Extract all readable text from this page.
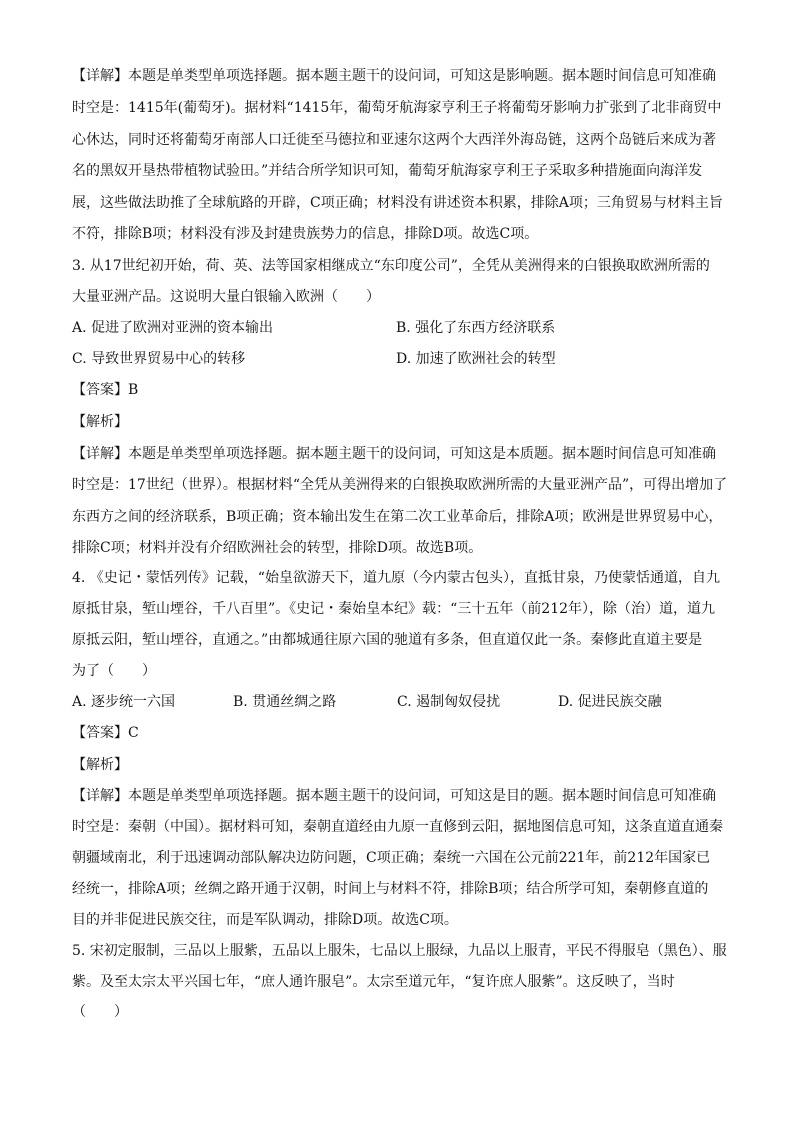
【详解】本题是单类型单项选择题。据本题主题干的设问词，可知这是影响题。据本题时间信息可知准确
时空是：1415年(葡萄牙)。据材料“1415年，葡萄牙航海家亨利王子将葡萄牙影响力扩张到了北非商贸中
心休达，同时还将葡萄牙南部人口迁徙至马德拉和亚速尔这两个大西洋外海岛链，这两个岛链后来成为著
名的黑奴开垦热带植物试验田。”并结合所学知识可知，葡萄牙航海家亨利王子采取多种措施面向海洋发
展，这些做法助推了全球航路的开辟，C项正确；材料没有讲述资本积累，排除A项；三角贸易与材料主旨
不符，排除B项；材料没有涉及封建贵族势力的信息，排除D项。故选C项。
3. 从17世纪初开始，荷、英、法等国家相继成立“东印度公司”，全凭从美洲得来的白银换取欧洲所需的
大量亚洲产品。这说明大量白银输入欧洲（　　）
A. 促进了欧洲对亚洲的资本输出	B. 强化了东西方经济联系
C. 导致世界贸易中心的转移	D. 加速了欧洲社会的转型
【答案】B
【解析】
【详解】本题是单类型单项选择题。据本题主题干的设问词，可知这是本质题。据本题时间信息可知准确
时空是：17世纪（世界）。根据材料“全凭从美洲得来的白银换取欧洲所需的大量亚洲产品”，可得出增加了
东西方之间的经济联系，B项正确；资本输出发生在第二次工业革命后，排除A项；欧洲是世界贸易中心，
排除C项；材料并没有介绍欧洲社会的转型，排除D项。故选B项。
4. 《史记・蒙恬列传》记载，“始皇欲游天下，道九原（今内蒙古包头），直抵甘泉，乃使蒙恬通道，自九
原抵甘泉，堑山堙谷，千八百里”。《史记・秦始皇本纪》载：“三十五年（前212年），除（治）道，道九
原抵云阳，堑山堙谷，直通之。”由都城通往原六国的驰道有多条，但直道仅此一条。秦修此直道主要是
为了（　　）
A. 逐步统一六国	B. 贯通丝绸之路	C. 遏制匈奴侵扰	D. 促进民族交融
【答案】C
【解析】
【详解】本题是单类型单项选择题。据本题主题干的设问词，可知这是目的题。据本题时间信息可知准确
时空是：秦朝（中国）。据材料可知，秦朝直道经由九原一直修到云阳，据地图信息可知，这条直道直通秦
朝疆域南北，利于迅速调动部队解决边防问题，C项正确；秦统一六国在公元前221年，前212年国家已
经统一，排除A项；丝绸之路开通于汉朝，时间上与材料不符，排除B项；结合所学可知，秦朝修直道的
目的并非促进民族交往，而是军队调动，排除D项。故选C项。
5. 宋初定服制，三品以上服紫，五品以上服朱，七品以上服绿，九品以上服青，平民不得服皂（黑色）、服
紫。及至太宗太平兴国七年，“庶人通许服皂”。太宗至道元年，“复许庶人服紫”。这反映了，当时
（　　）
